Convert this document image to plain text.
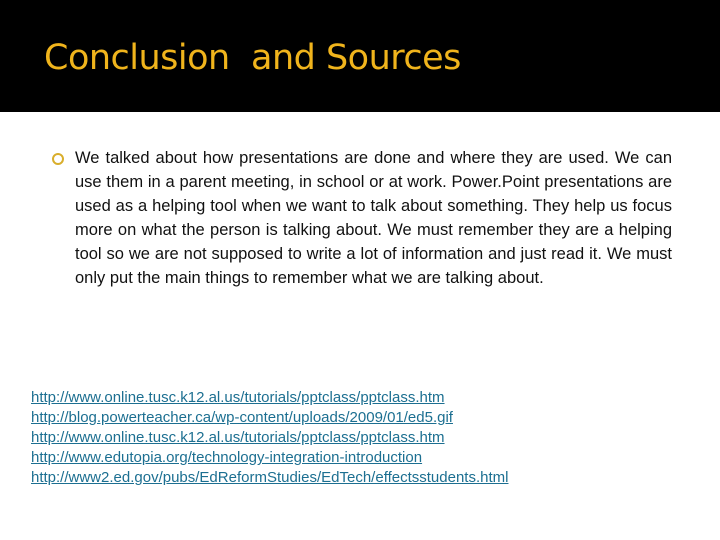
Conclusion  and Sources
We talked about how presentations are done and where they are used. We can use them in a parent meeting, in school or at work. Power.Point presentations are used as a helping tool when we want to talk about something. They help us focus more on what the person is talking about. We must remember they are a helping tool so we are not supposed to write a lot of information and just read it. We must only put the main things to remember what we are talking about.
http://www.online.tusc.k12.al.us/tutorials/pptclass/pptclass.htm
http://blog.powerteacher.ca/wp-content/uploads/2009/01/ed5.gif
http://www.online.tusc.k12.al.us/tutorials/pptclass/pptclass.htm
http://www.edutopia.org/technology-integration-introduction
http://www2.ed.gov/pubs/EdReformStudies/EdTech/effectsstudents.html
